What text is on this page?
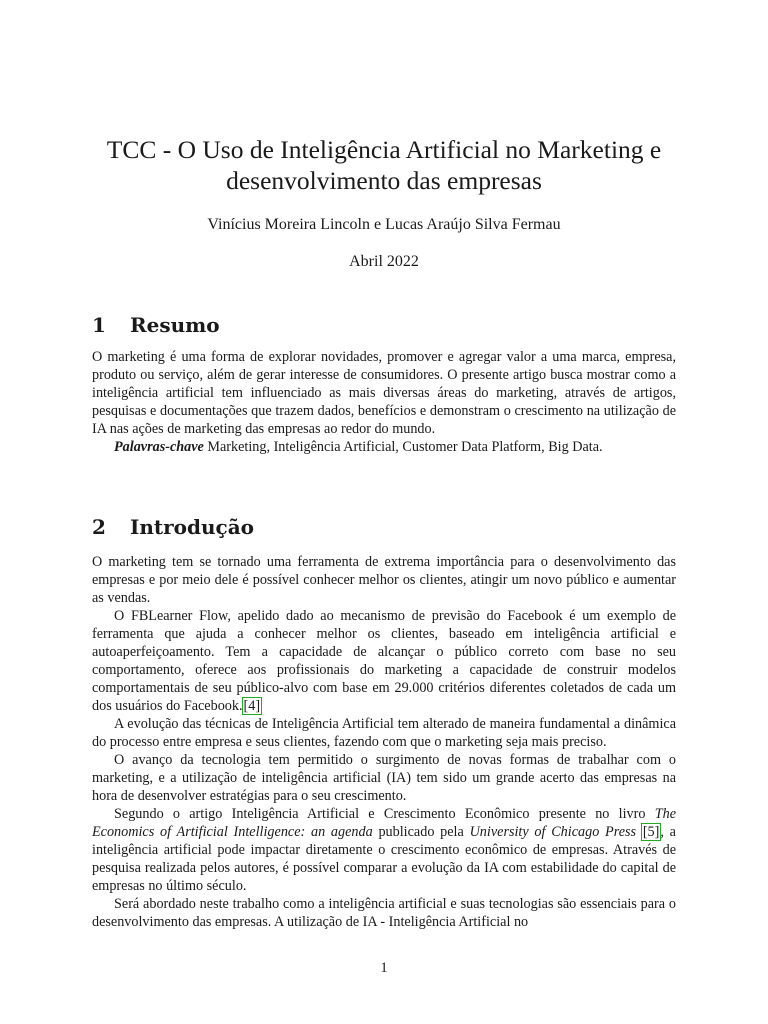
TCC - O Uso de Inteligência Artificial no Marketing e desenvolvimento das empresas
Vinícius Moreira Lincoln e Lucas Araújo Silva Fermau
Abril 2022
1 Resumo

O marketing é uma forma de explorar novidades, promover e agregar valor a uma marca, empresa, produto ou serviço, além de gerar interesse de consumidores. O presente artigo busca mostrar como a inteligência artificial tem influenciado as mais diversas áreas do marketing, através de artigos, pesquisas e documentações que trazem dados, benefícios e demonstram o crescimento na utilização de IA nas ações de marketing das empresas ao redor do mundo.

Palavras-chave Marketing, Inteligência Artificial, Customer Data Platform, Big Data.

2 Introdução

O marketing tem se tornado uma ferramenta de extrema importância para o desenvolvimento das empresas e por meio dele é possível conhecer melhor os clientes, atingir um novo público e aumentar as vendas.

O FBLearner Flow, apelido dado ao mecanismo de previsão do Facebook é um exemplo de ferramenta que ajuda a conhecer melhor os clientes, baseado em inteligência artificial e autoaperfeiçoamento. Tem a capacidade de alcançar o público correto com base no seu comportamento, oferece aos profissionais do marketing a capacidade de construir modelos comportamentais de seu público-alvo com base em 29.000 critérios diferentes coletados de cada um dos usuários do Facebook.[4]

A evolução das técnicas de Inteligência Artificial tem alterado de maneira fundamental a dinâmica do processo entre empresa e seus clientes, fazendo com que o marketing seja mais preciso.

O avanço da tecnologia tem permitido o surgimento de novas formas de trabalhar com o marketing, e a utilização de inteligência artificial (IA) tem sido um grande acerto das empresas na hora de desenvolver estratégias para o seu crescimento.

Segundo o artigo Inteligência Artificial e Crescimento Econômico presente no livro The Economics of Artificial Intelligence: an agenda publicado pela University of Chicago Press [5], a inteligência artificial pode impactar diretamente o crescimento econômico de empresas. Através de pesquisa realizada pelos autores, é possível comparar a evolução da IA com estabilidade do capital de empresas no último século.

Será abordado neste trabalho como a inteligência artificial e suas tecnologias são essenciais para o desenvolvimento das empresas. A utilização de IA - Inteligência Artificial no

1
